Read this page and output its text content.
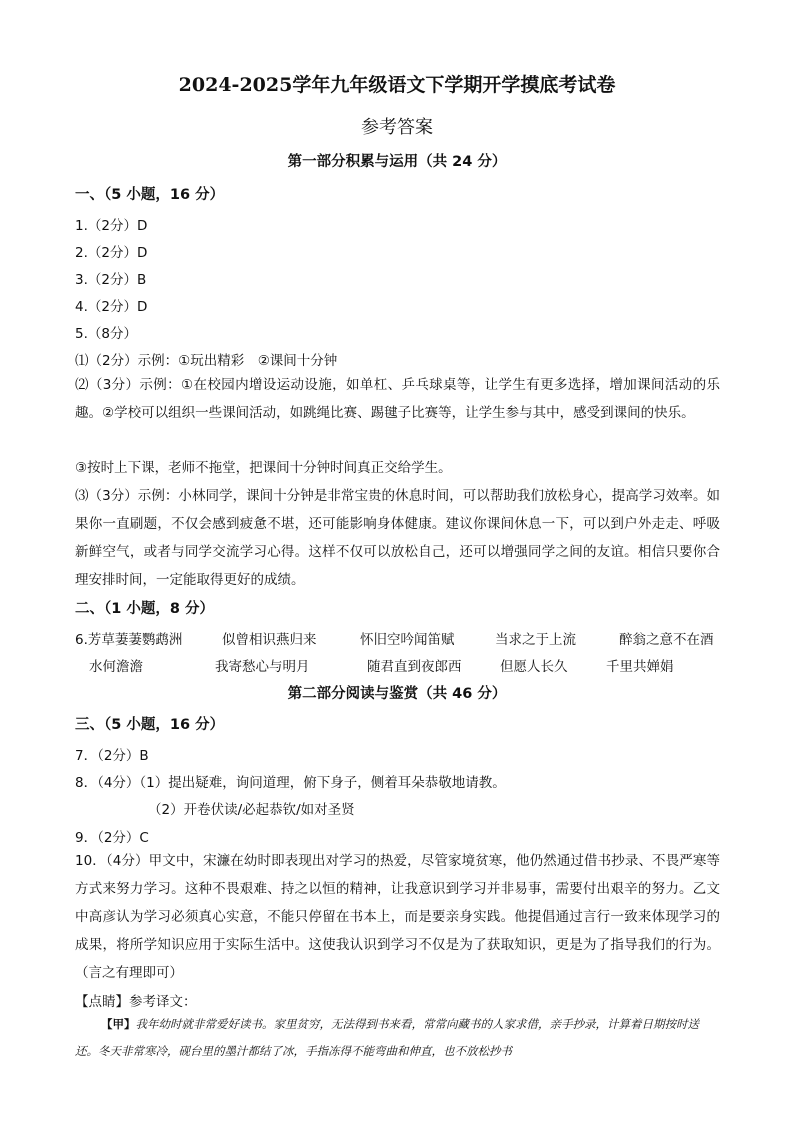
2024-2025学年九年级语文下学期开学摸底考试卷
参考答案
第一部分积累与运用（共 24 分）
一、（5 小题，16 分）
1.（2分）D
2.（2分）D
3.（2分）B
4.（2分）D
5.（8分）
⑴（2分）示例：①玩出精彩　②课间十分钟
⑵（3分）示例：①在校园内增设运动设施，如单杠、乒乓球桌等，让学生有更多选择，增加课间活动的乐趣。②学校可以组织一些课间活动，如跳绳比赛、踢毽子比赛等，让学生参与其中，感受到课间的快乐。
③按时上下课，老师不拖堂，把课间十分钟时间真正交给学生。
⑶（3分）示例：小林同学，课间十分钟是非常宝贵的休息时间，可以帮助我们放松身心，提高学习效率。如果你一直刷题，不仅会感到疲惫不堪，还可能影响身体健康。建议你课间休息一下，可以到户外走走、呼吸新鲜空气，或者与同学交流学习心得。这样不仅可以放松自己，还可以增强同学之间的友谊。相信只要你合理安排时间，一定能取得更好的成绩。
二、（1 小题，8 分）
6.芳草萋萋鹦鹉洲	似曾相识燕归来	怀旧空吟闻笛赋	当求之于上流	醉翁之意不在酒
水何澹澹	我寄愁心与明月	随君直到夜郎西	但愿人长久	千里共婵娟
第二部分阅读与鉴赏（共 46 分）
三、（5 小题，16 分）
7．（2分）B
8．（4分）（1）提出疑难，询问道理，俯下身子，侧着耳朵恭敬地请教。
（2）开卷伏读/必起恭钦/如对圣贤
9．（2分）C
10．（4分）甲文中，宋濂在幼时即表现出对学习的热爱，尽管家境贫寒，他仍然通过借书抄录、不畏严寒等方式来努力学习。这种不畏艰难、持之以恒的精神，让我意识到学习并非易事，需要付出艰辛的努力。乙文中高彦认为学习必须真心实意，不能只停留在书本上，而是要亲身实践。他提倡通过言行一致来体现学习的成果，将所学知识应用于实际生活中。这使我认识到学习不仅是为了获取知识，更是为了指导我们的行为。（言之有理即可）
【点睛】参考译文：
【甲】我年幼时就非常爱好读书。家里贫穷，无法得到书来看，常常向藏书的人家求借，亲手抄录，计算着日期按时送还。冬天非常寒冷，砚台里的墨汁都结了冰，手指冻得不能弯曲和伸直，也不放松抄书
